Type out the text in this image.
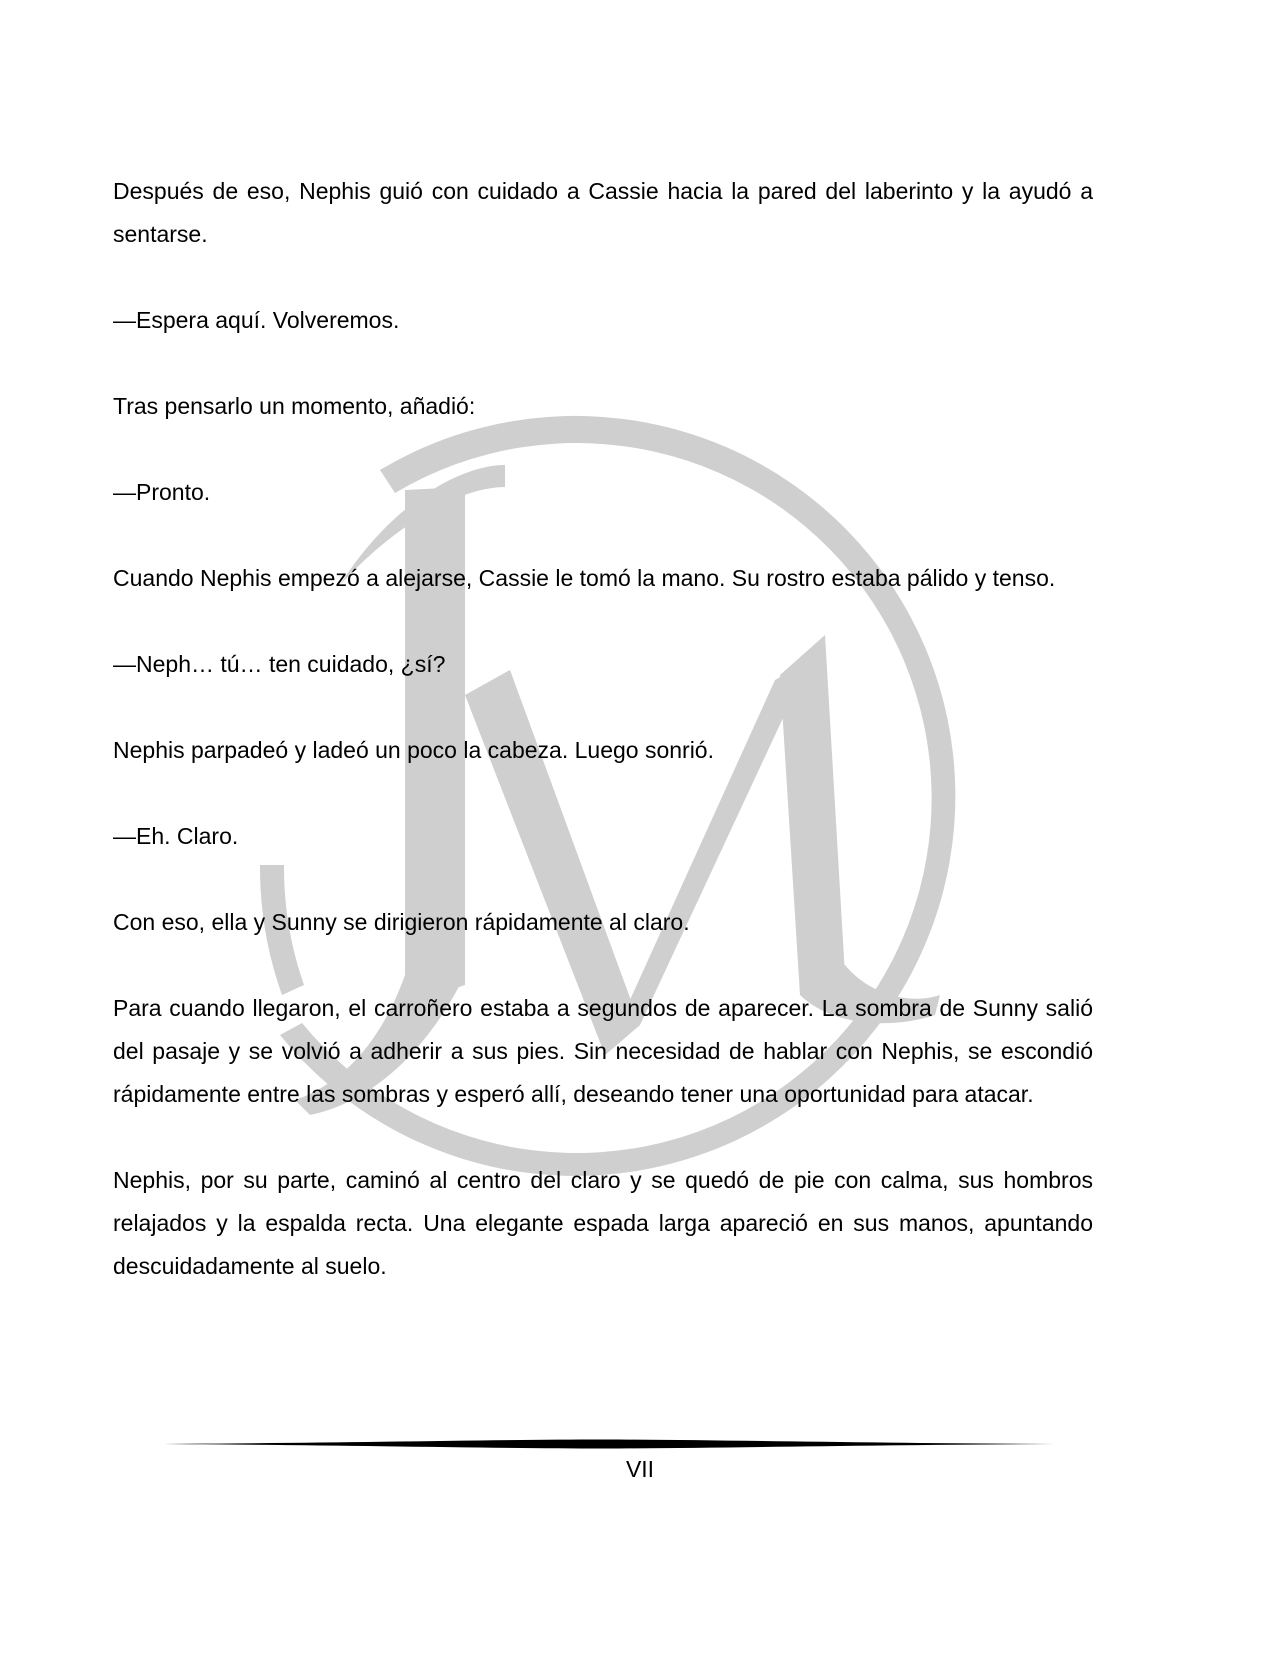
Después de eso, Nephis guió con cuidado a Cassie hacia la pared del laberinto y la ayudó a sentarse.

—Espera aquí. Volveremos.

Tras pensarlo un momento, añadió:

—Pronto.

Cuando Nephis empezó a alejarse, Cassie le tomó la mano. Su rostro estaba pálido y tenso.

—Neph… tú… ten cuidado, ¿sí?

Nephis parpadeó y ladeó un poco la cabeza. Luego sonrió.

—Eh. Claro.

Con eso, ella y Sunny se dirigieron rápidamente al claro.

Para cuando llegaron, el carroñero estaba a segundos de aparecer. La sombra de Sunny salió del pasaje y se volvió a adherir a sus pies. Sin necesidad de hablar con Nephis, se escondió rápidamente entre las sombras y esperó allí, deseando tener una oportunidad para atacar.

Nephis, por su parte, caminó al centro del claro y se quedó de pie con calma, sus hombros relajados y la espalda recta. Una elegante espada larga apareció en sus manos, apuntando descuidadamente al suelo.

VII
